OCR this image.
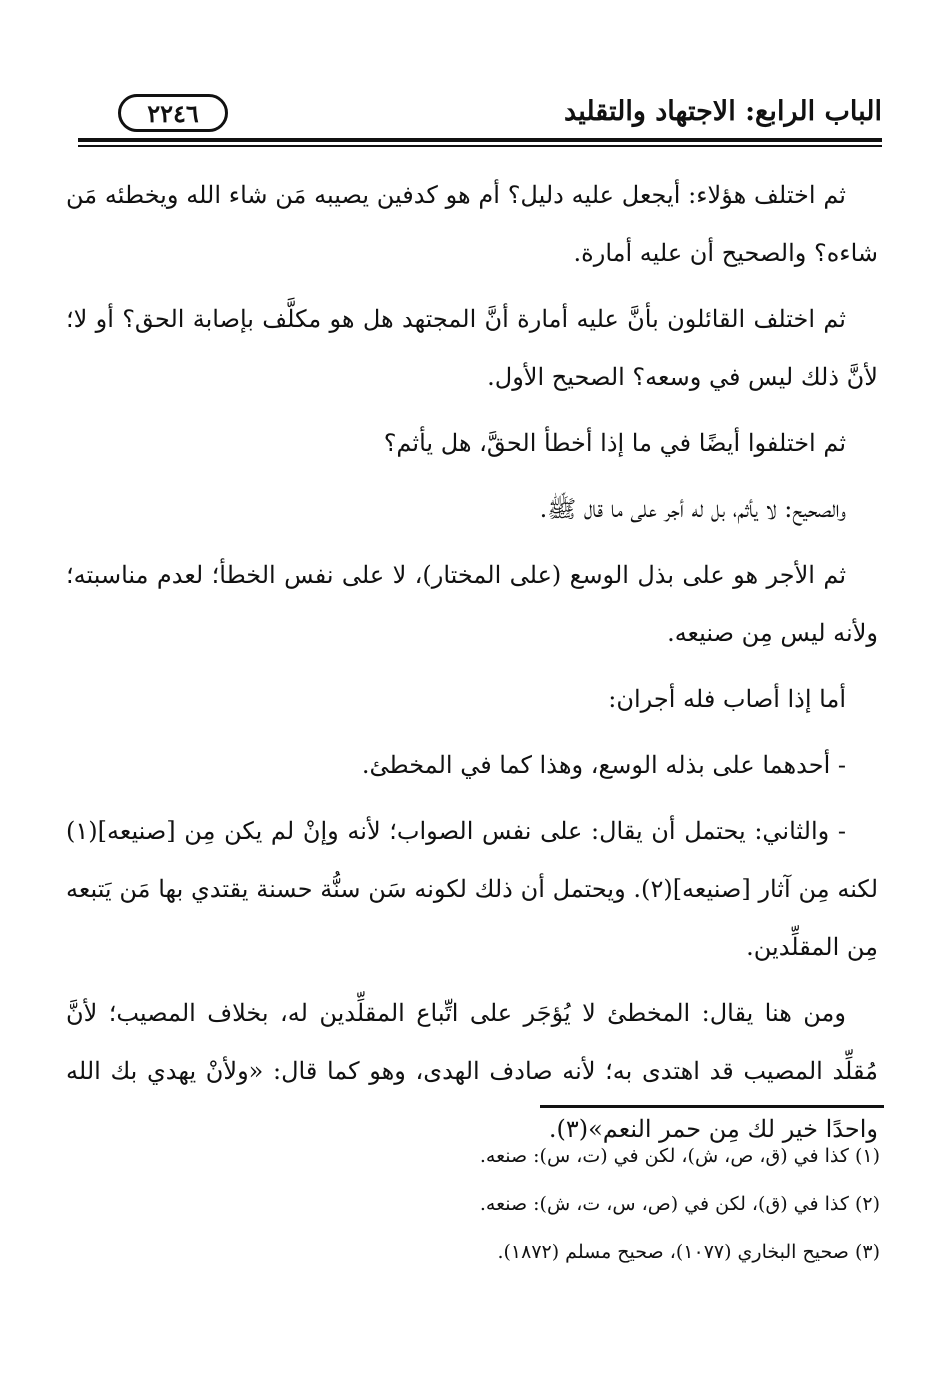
الباب الرابع: الاجتهاد والتقليد
٢٢٤٦

ثم اختلف هؤلاء: أيجعل عليه دليل؟ أم هو كدفين يصيبه مَن شاء الله ويخطئه مَن شاءه؟ والصحيح أن عليه أمارة.

ثم اختلف القائلون بأنَّ عليه أمارة أنَّ المجتهد هل هو مكلَّف بإصابة الحق؟ أو لا؛ لأنَّ ذلك ليس في وسعه؟ الصحيح الأول.

ثم اختلفوا أيضًا في ما إذا أخطأ الحقَّ، هل يأثم؟

والصحيح: لا يأثم، بل له أجر على ما قال ﷺ.

ثم الأجر هو على بذل الوسع (على المختار)، لا على نفس الخطأ؛ لعدم مناسبته؛ ولأنه ليس مِن صنيعه.

أما إذا أصاب فله أجران:

- أحدهما على بذله الوسع، وهذا كما في المخطئ.

- والثاني: يحتمل أن يقال: على نفس الصواب؛ لأنه وإنْ لم يكن مِن [صنيعه](١) لكنه مِن آثار [صنيعه](٢). ويحتمل أن ذلك لكونه سَن سنُّة حسنة يقتدي بها مَن يَتبعه مِن المقلِّدين.

ومن هنا يقال: المخطئ لا يُؤجَر على اتِّباع المقلِّدين له، بخلاف المصيب؛ لأنَّ مُقلِّد المصيب قد اهتدى به؛ لأنه صادف الهدى، وهو كما قال: «ولأنْ يهدي بك الله واحدًا خير لك مِن حمر النعم»(٣).

(١) كذا في (ق، ص، ش)، لكن في (ت، س): صنعه.

(٢) كذا في (ق)، لكن في (ص، س، ت، ش): صنعه.

(٣) صحيح البخاري (١٠٧٧)، صحيح مسلم (١٨٧٢).
